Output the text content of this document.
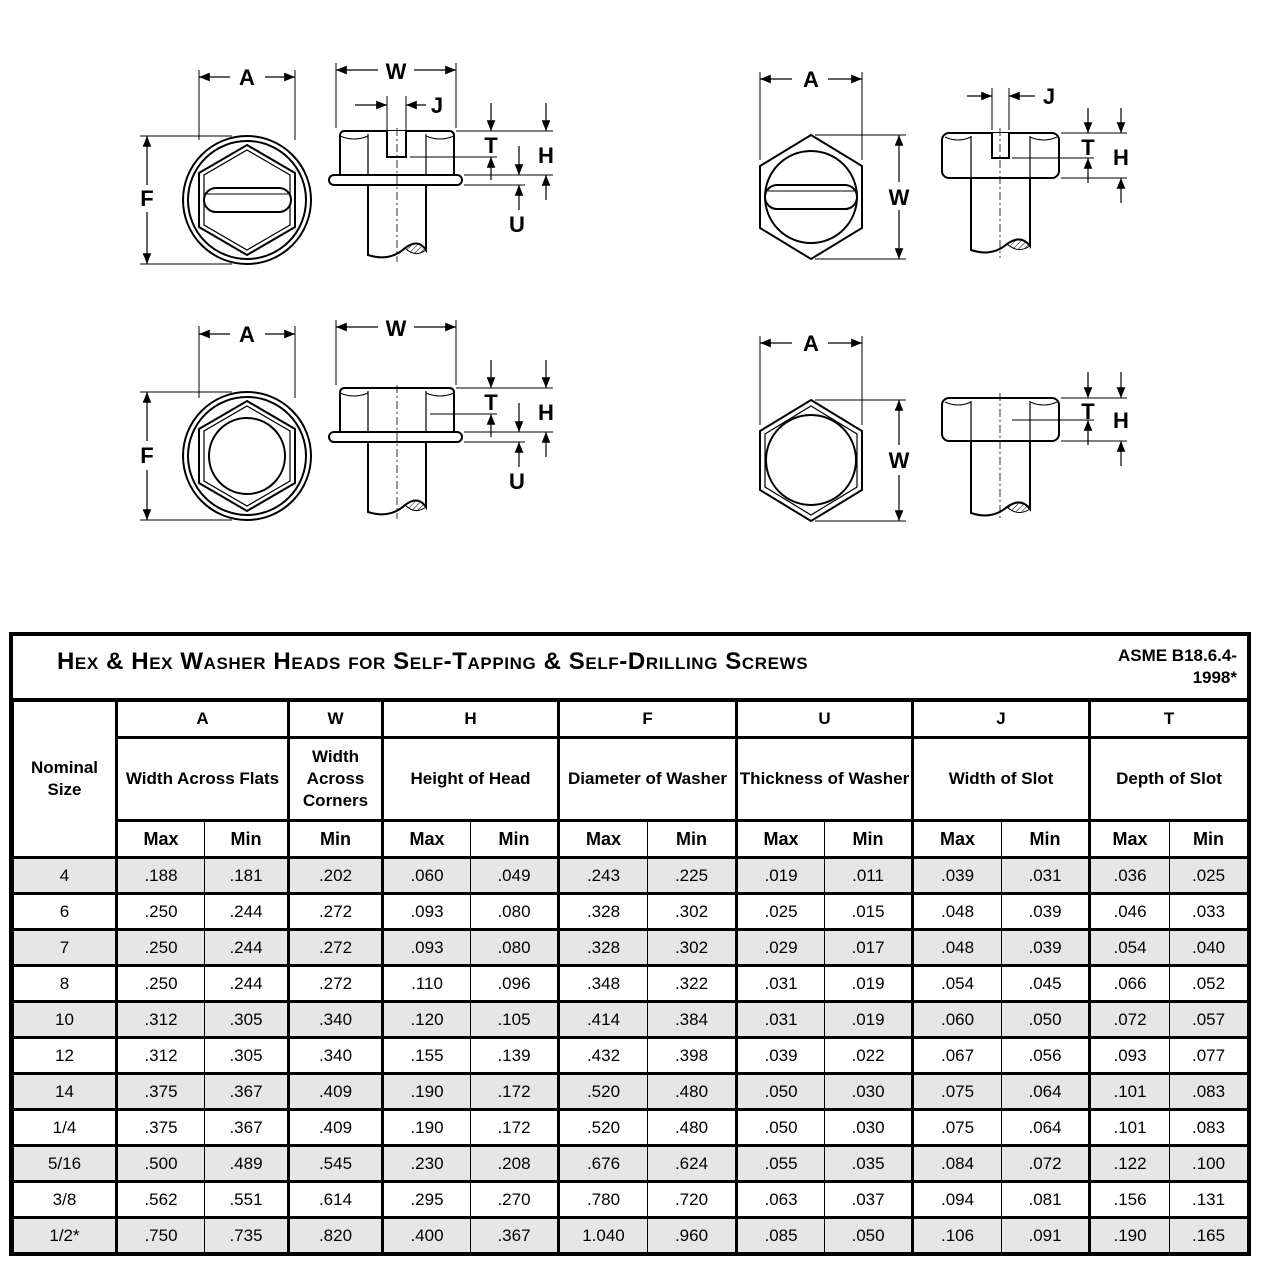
A	W
J
T H
F
U
A
J
T H
W
A	W
T H
F
U
A
T H
W
Hex & Hex Washer Heads for Self-Tapping & Self-Drilling Screws	ASME B18.6.4-1998*
Nominal Size	A		W	H		F		U		J		T	
	Width Across Flats		Width Across Corners	Height of Head		Diameter of Washer		Thickness of Washer		Width of Slot		Depth of Slot	
	Max	Min	Min	Max	Min	Max	Min	Max	Min	Max	Min	Max	Min
4	.188	.181	.202	.060	.049	.243	.225	.019	.011	.039	.031	.036	.025
6	.250	.244	.272	.093	.080	.328	.302	.025	.015	.048	.039	.046	.033
7	.250	.244	.272	.093	.080	.328	.302	.029	.017	.048	.039	.054	.040
8	.250	.244	.272	.110	.096	.348	.322	.031	.019	.054	.045	.066	.052
10	.312	.305	.340	.120	.105	.414	.384	.031	.019	.060	.050	.072	.057
12	.312	.305	.340	.155	.139	.432	.398	.039	.022	.067	.056	.093	.077
14	.375	.367	.409	.190	.172	.520	.480	.050	.030	.075	.064	.101	.083
1/4	.375	.367	.409	.190	.172	.520	.480	.050	.030	.075	.064	.101	.083
5/16	.500	.489	.545	.230	.208	.676	.624	.055	.035	.084	.072	.122	.100
3/8	.562	.551	.614	.295	.270	.780	.720	.063	.037	.094	.081	.156	.131
1/2*	.750	.735	.820	.400	.367	1.040	.960	.085	.050	.106	.091	.190	.165
